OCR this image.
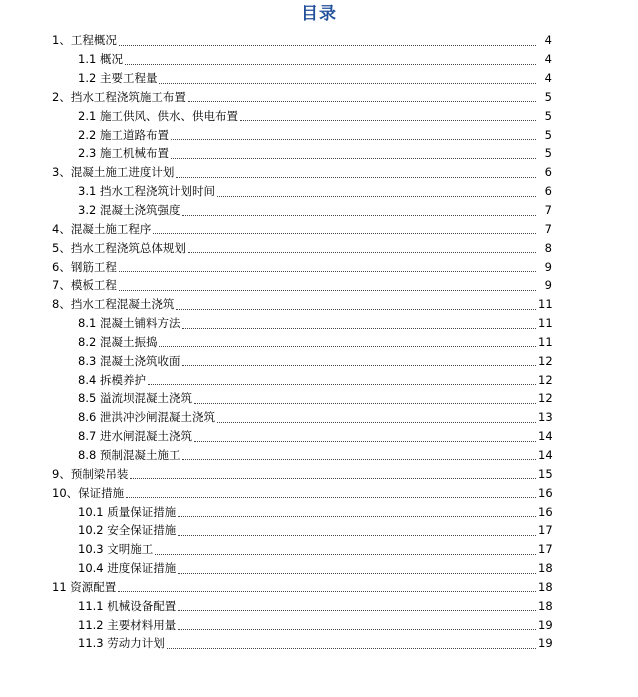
目录
1、工程概况	4
1.1 概况	4
1.2 主要工程量	4
2、挡水工程浇筑施工布置	5
2.1 施工供风、供水、供电布置	5
2.2 施工道路布置	5
2.3 施工机械布置	5
3、混凝土施工进度计划	6
3.1 挡水工程浇筑计划时间	6
3.2 混凝土浇筑强度	7
4、混凝土施工程序	7
5、挡水工程浇筑总体规划	8
6、钢筋工程	9
7、模板工程	9
8、挡水工程混凝土浇筑	11
8.1 混凝土铺料方法	11
8.2 混凝土振捣	11
8.3 混凝土浇筑收面	12
8.4 拆模养护	12
8.5 溢流坝混凝土浇筑	12
8.6 泄洪冲沙闸混凝土浇筑	13
8.7 进水闸混凝土浇筑	14
8.8 预制混凝土施工	14
9、预制梁吊装	15
10、保证措施	16
10.1 质量保证措施	16
10.2 安全保证措施	17
10.3 文明施工	17
10.4 进度保证措施	18
11 资源配置	18
11.1 机械设备配置	18
11.2 主要材料用量	19
11.3 劳动力计划	19
